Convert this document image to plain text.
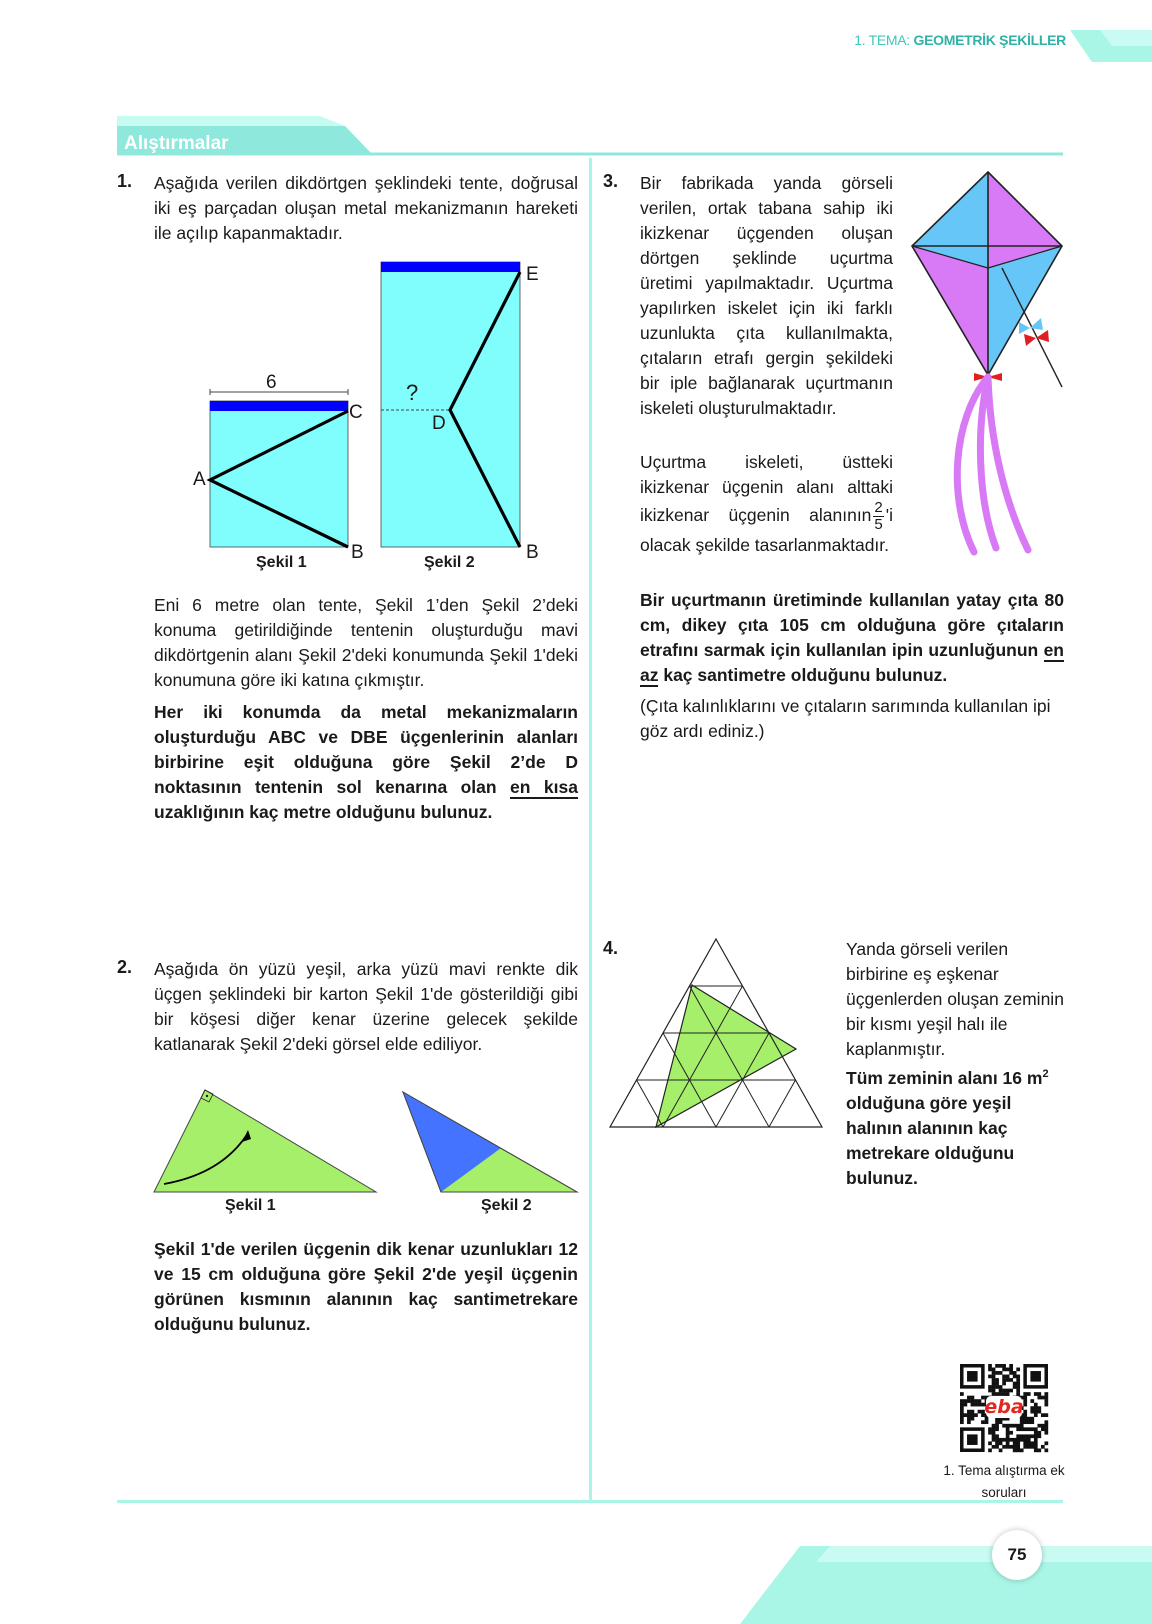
1. TEMA: GEOMETRİK ŞEKİLLER
Alıştırmalar
75
1. Aşağıda verilen dikdörtgen şeklindeki tente, doğrusal iki eş parçadan oluşan metal mekanizmanın hareketi ile açılıp kapanmaktadır.
6
C
A
B
Şekil 1
E
?
D
B
Şekil 2
Eni 6 metre olan tente, Şekil 1’den Şekil 2’deki konuma getirildiğinde tentenin oluşturduğu mavi dikdörtgenin alanı Şekil 2'deki konumunda Şekil 1'deki konumuna göre iki katına çıkmıştır.
Her iki konumda da metal mekanizmaların oluşturduğu ABC ve DBE üçgenlerinin alanları birbirine eşit olduğuna göre Şekil 2’de D noktasının tentenin sol kenarına olan en kısa uzaklığının kaç metre olduğunu bulunuz.
2. Aşağıda ön yüzü yeşil, arka yüzü mavi renkte dik üçgen şeklindeki bir karton Şekil 1'de gösterildiği gibi bir köşesi diğer kenar üzerine gelecek şekilde katlanarak Şekil 2'deki görsel elde ediliyor.
Şekil 1	Şekil 2
Şekil 1'de verilen üçgenin dik kenar uzunlukları 12 ve 15 cm olduğuna göre Şekil 2'de yeşil üçgenin görünen kısmının alanının kaç santimetrekare olduğunu bulunuz.
3. Bir fabrikada yanda görseli verilen, ortak tabana sahip iki ikizkenar üçgenden oluşan dörtgen şeklinde uçurtma üretimi yapılmaktadır. Uçurtma yapılırken iskelet için iki farklı uzunlukta çıta kullanılmakta, çıtaların etrafı gergin şekildeki bir iple bağlanarak uçurtmanın iskeleti oluşturulmaktadır.
Uçurtma iskeleti, üstteki ikizkenar üçgenin alanı alttaki ikizkenar üçgenin alanının $\frac{2}{5}$ 'i olacak şekilde tasarlanmaktadır.
Bir uçurtmanın üretiminde kullanılan yatay çıta 80 cm, dikey çıta 105 cm olduğuna göre çıtaların etrafını sarmak için kullanılan ipin uzunluğunun en az kaç santimetre olduğunu bulunuz.
(Çıta kalınlıklarını ve çıtaların sarımında kullanılan ipi göz ardı ediniz.)
4.	Yanda görseli verilen birbirine eş eşkenar üçgenlerden oluşan zeminin bir kısmı yeşil halı ile kaplanmıştır.
Tüm zeminin alanı 16 $m^2$ olduğuna göre yeşil halının alanının kaç metrekare olduğunu bulunuz.
eba
1. Tema alıştırma ek
soruları
